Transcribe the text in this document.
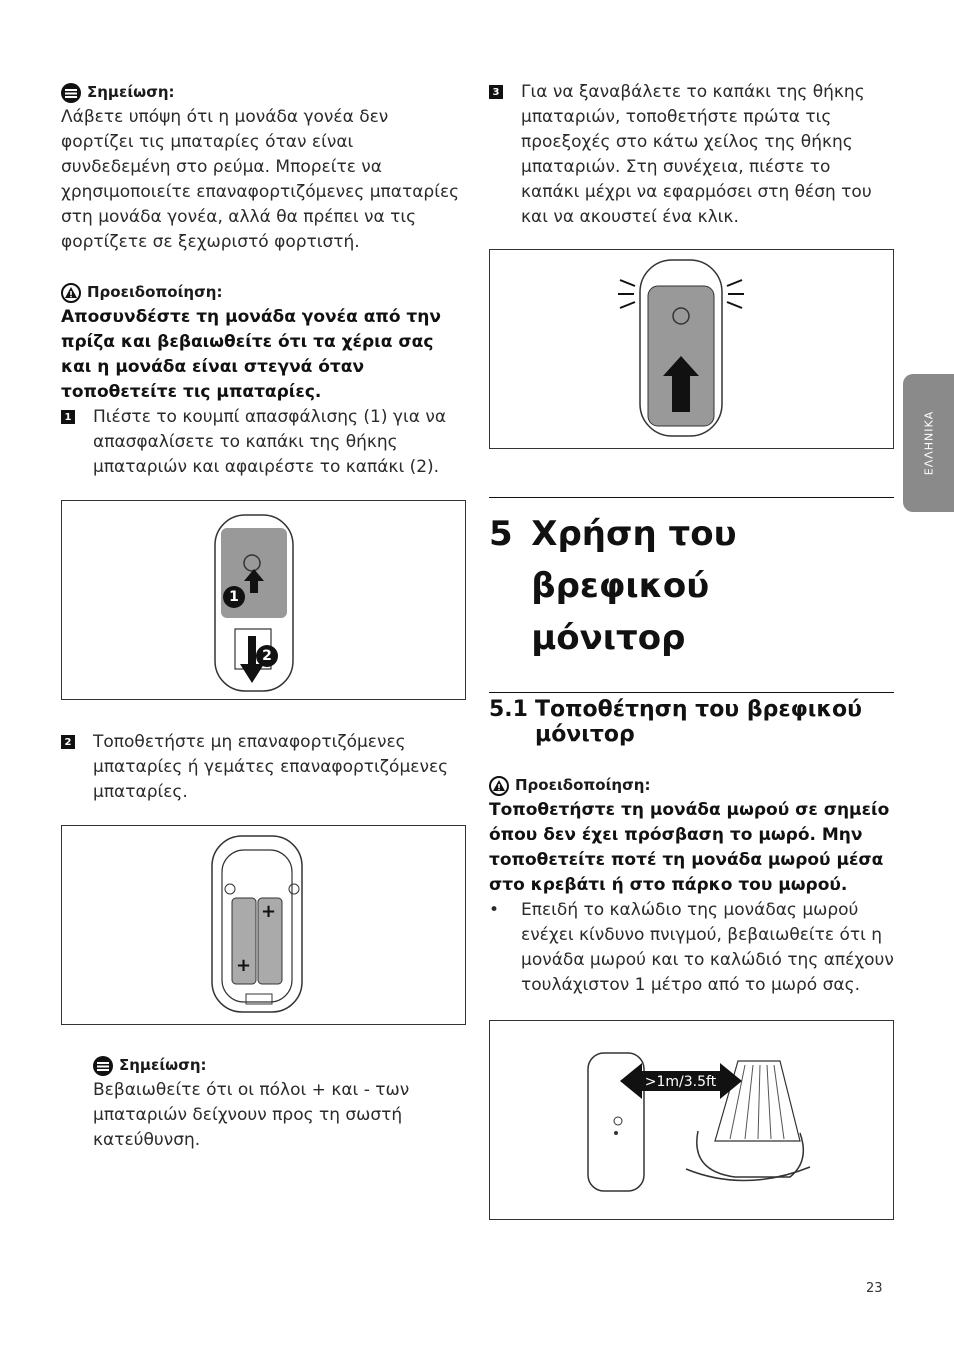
Σημείωση:

Λάβετε υπόψη ότι η μονάδα γονέα δεν φορτίζει τις μπαταρίες όταν είναι συνδεδεμένη στο ρεύμα. Μπορείτε να χρησιμοποιείτε επαναφορτιζόμενες μπαταρίες στη μονάδα γονέα, αλλά θα πρέπει να τις φορτίζετε σε ξεχωριστό φορτιστή.

Προειδοποίηση:

Αποσυνδέστε τη μονάδα γονέα από την πρίζα και βεβαιωθείτε ότι τα χέρια σας και η μονάδα είναι στεγνά όταν τοποθετείτε τις μπαταρίες.

1 Πιέστε το κουμπί απασφάλισης (1) για να απασφαλίσετε το καπάκι της θήκης μπαταριών και αφαιρέστε το καπάκι (2).

1
2
2 Τοποθετήστε μη επαναφορτιζόμενες μπαταρίες ή γεμάτες επαναφορτιζόμενες μπαταρίες.

+
+
Σημείωση:

Βεβαιωθείτε ότι οι πόλοι + και - των μπαταριών δείχνουν προς τη σωστή κατεύθυνση.

3 Για να ξαναβάλετε το καπάκι της θήκης μπαταριών, τοποθετήστε πρώτα τις προεξοχές στο κάτω χείλος της θήκης μπαταριών. Στη συνέχεια, πιέστε το καπάκι μέχρι να εφαρμόσει στη θέση του και να ακουστεί ένα κλικ.

5 Χρήση του βρεφικού
μόνιτορ
5.1 Τοποθέτηση του βρεφικού
μόνιτορ
Προειδοποίηση:

Τοποθετήστε τη μονάδα μωρού σε σημείο όπου δεν έχει πρόσβαση το μωρό. Μην τοποθετείτε ποτέ τη μονάδα μωρού μέσα στο κρεβάτι ή στο πάρκο του μωρού.

•	Επειδή το καλώδιο της μονάδας μωρού ενέχει κίνδυνο πνιγμού, βεβαιωθείτε ότι η μονάδα μωρού και το καλώδιό της απέχουν τουλάχιστον 1 μέτρο από το μωρό σας.

>1m/3.5ft
ΕΛΛΗΝΙΚΑ
23
